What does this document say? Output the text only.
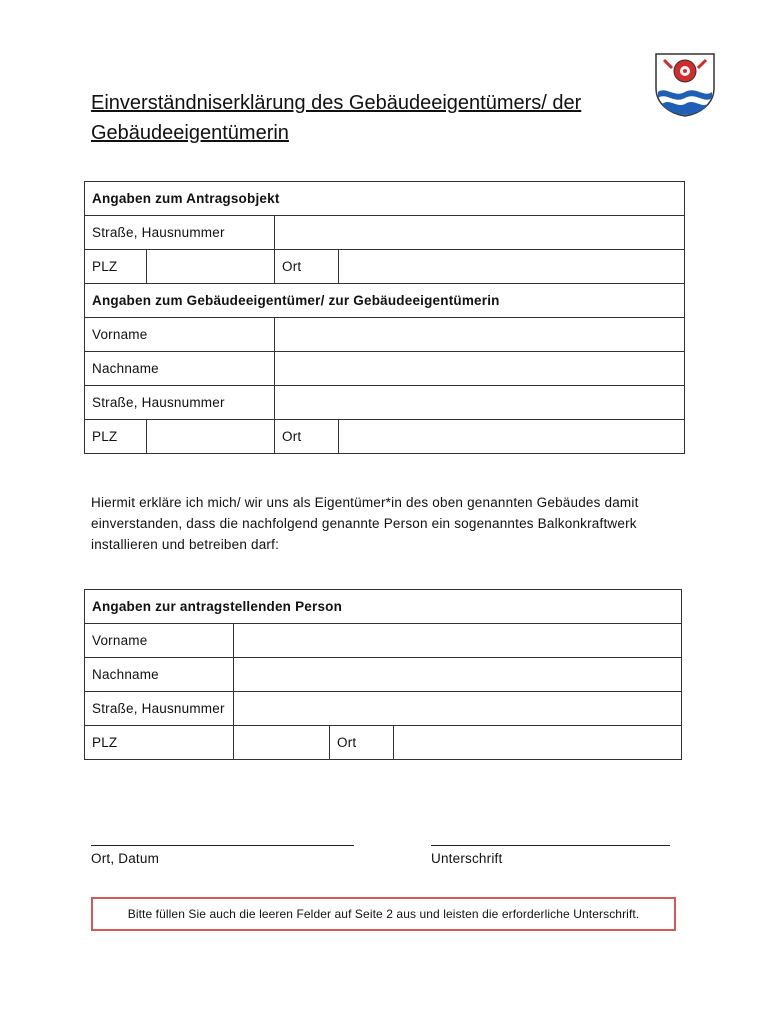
Einverständniserklärung des Gebäudeeigentümers/ der Gebäudeeigentümerin
Angaben zum Antragsobjekt			
Straße, Hausnummer			
PLZ		Ort	
Angaben zum Gebäudeeigentümer/ zur Gebäudeeigentümerin			
Vorname			
Nachname			
Straße, Hausnummer			
PLZ		Ort	
Hiermit erkläre ich mich/ wir uns als Eigentümer*in des oben genannten Gebäudes damit einverstanden, dass die nachfolgend genannte Person ein sogenanntes Balkonkraftwerk installieren und betreiben darf:
Angaben zur antragstellenden Person			
Vorname			
Nachname			
Straße, Hausnummer			
PLZ		Ort	
Ort, Datum	Unterschrift
Bitte füllen Sie auch die leeren Felder auf Seite 2 aus und leisten die erforderliche Unterschrift.
